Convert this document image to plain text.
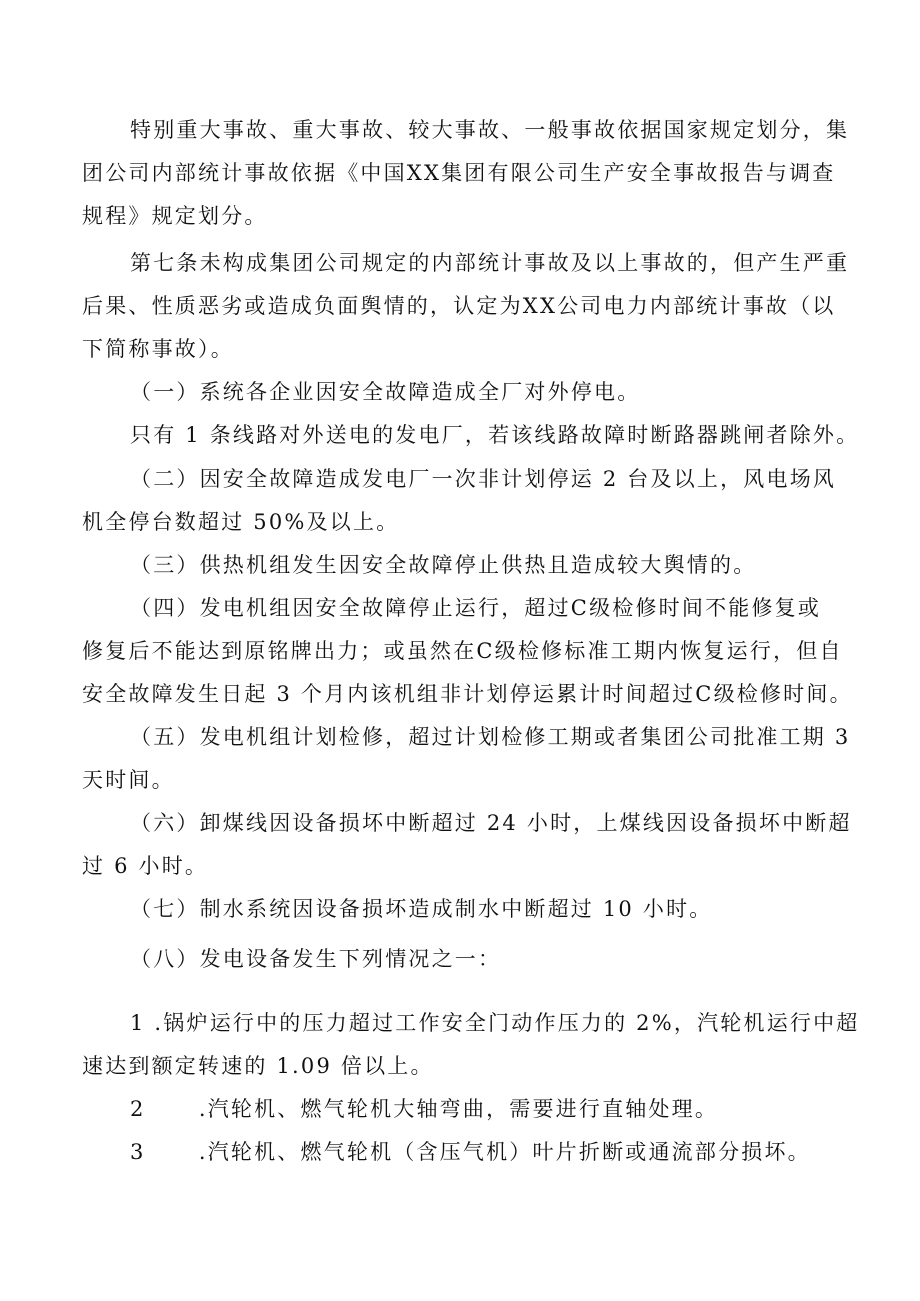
特别重大事故、重大事故、较大事故、一般事故依据国家规定划分，集
团公司内部统计事故依据《中国XX集团有限公司生产安全事故报告与调查
规程》规定划分。
第七条未构成集团公司规定的内部统计事故及以上事故的，但产生严重
后果、性质恶劣或造成负面舆情的，认定为XX公司电力内部统计事故（以
下简称事故）。
（一）系统各企业因安全故障造成全厂对外停电。
只有 1 条线路对外送电的发电厂，若该线路故障时断路器跳闸者除外。
（二）因安全故障造成发电厂一次非计划停运 2 台及以上，风电场风
机全停台数超过 50%及以上。
（三）供热机组发生因安全故障停止供热且造成较大舆情的。
（四）发电机组因安全故障停止运行，超过C级检修时间不能修复或
修复后不能达到原铭牌出力；或虽然在C级检修标准工期内恢复运行，但自
安全故障发生日起 3 个月内该机组非计划停运累计时间超过C级检修时间。
（五）发电机组计划检修，超过计划检修工期或者集团公司批准工期 3
天时间。
（六）卸煤线因设备损坏中断超过 24 小时，上煤线因设备损坏中断超
过 6 小时。
（七）制水系统因设备损坏造成制水中断超过 10 小时。
（八）发电设备发生下列情况之一：
1 .锅炉运行中的压力超过工作安全门动作压力的 2%，汽轮机运行中超
速达到额定转速的 1.09 倍以上。
2      .汽轮机、燃气轮机大轴弯曲，需要进行直轴处理。
3      .汽轮机、燃气轮机（含压气机）叶片折断或通流部分损坏。
